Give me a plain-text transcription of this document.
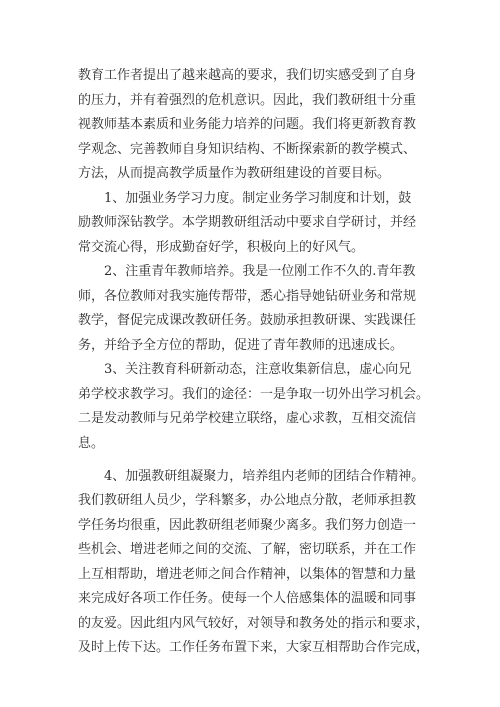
教育工作者提出了越来越高的要求，我们切实感受到了自身
的压力，并有着强烈的危机意识。因此，我们教研组十分重
视教师基本素质和业务能力培养的问题。我们将更新教育教
学观念、完善教师自身知识结构、不断探索新的教学模式、
方法，从而提高教学质量作为教研组建设的首要目标。
1、加强业务学习力度。制定业务学习制度和计划，鼓
励教师深钻教学。本学期教研组活动中要求自学研讨，并经
常交流心得，形成勤奋好学，积极向上的好风气。
2、注重青年教师培养。我是一位刚工作不久的.青年教
师，各位教师对我实施传帮带，悉心指导她钻研业务和常规
教学，督促完成课改教研任务。鼓励承担教研课、实践课任
务，并给予全方位的帮助，促进了青年教师的迅速成长。
3、关注教育科研新动态，注意收集新信息，虚心向兄
弟学校求教学习。我们的途径：一是争取一切外出学习机会。
二是发动教师与兄弟学校建立联络，虚心求教，互相交流信
息。
4、加强教研组凝聚力，培养组内老师的团结合作精神。
我们教研组人员少，学科繁多，办公地点分散，老师承担教
学任务均很重，因此教研组老师聚少离多。我们努力创造一
些机会、增进老师之间的交流、了解，密切联系，并在工作
上互相帮助，增进老师之间合作精神，以集体的智慧和力量
来完成好各项工作任务。使每一个人倍感集体的温暖和同事
的友爱。因此组内风气较好，对领导和教务处的指示和要求，
及时上传下达。工作任务布置下来，大家互相帮助合作完成，
